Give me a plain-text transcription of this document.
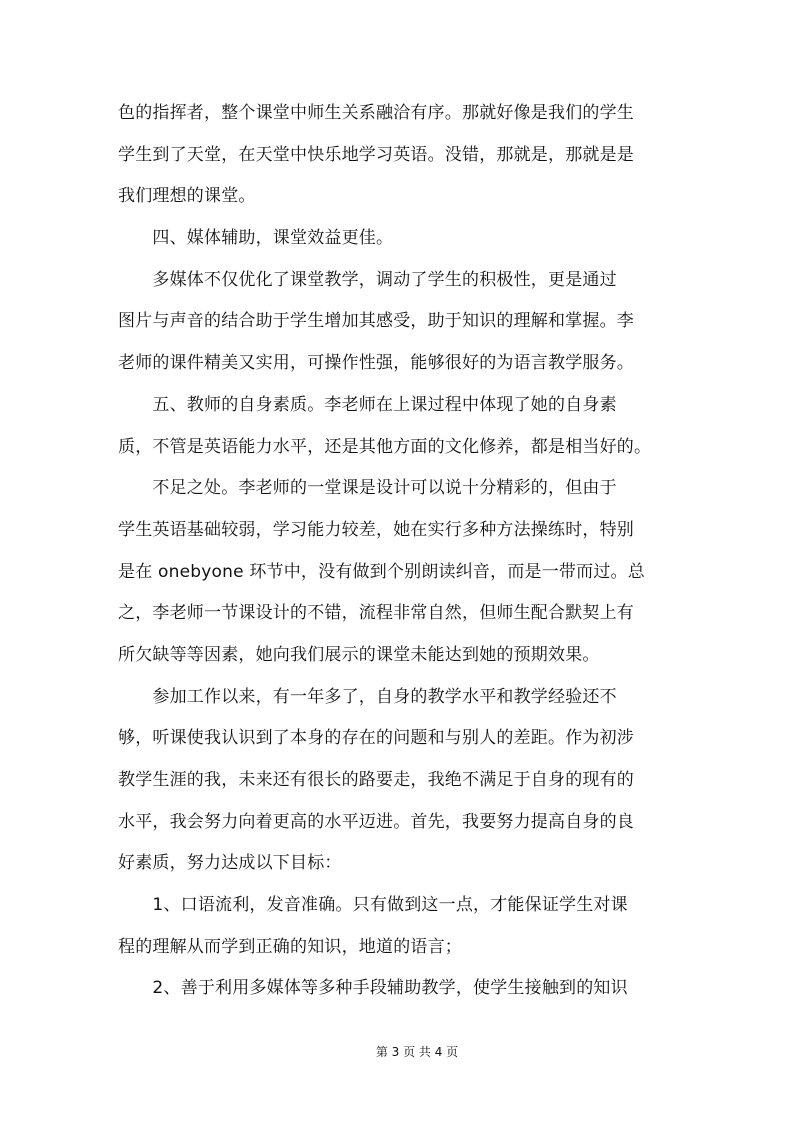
色的指挥者，整个课堂中师生关系融洽有序。那就好像是我们的学生
学生到了天堂，在天堂中快乐地学习英语。没错，那就是，那就是是
我们理想的课堂。
　　四、媒体辅助，课堂效益更佳。
　　多媒体不仅优化了课堂教学，调动了学生的积极性，更是通过
图片与声音的结合助于学生增加其感受，助于知识的理解和掌握。李
老师的课件精美又实用，可操作性强，能够很好的为语言教学服务。
　　五、教师的自身素质。李老师在上课过程中体现了她的自身素
质，不管是英语能力水平，还是其他方面的文化修养，都是相当好的。
　　不足之处。李老师的一堂课是设计可以说十分精彩的，但由于
学生英语基础较弱，学习能力较差，她在实行多种方法操练时，特别
是在 onebyone 环节中，没有做到个别朗读纠音，而是一带而过。总
之，李老师一节课设计的不错，流程非常自然，但师生配合默契上有
所欠缺等等因素，她向我们展示的课堂未能达到她的预期效果。
　　参加工作以来，有一年多了，自身的教学水平和教学经验还不
够，听课使我认识到了本身的存在的问题和与别人的差距。作为初涉
教学生涯的我，未来还有很长的路要走，我绝不满足于自身的现有的
水平，我会努力向着更高的水平迈进。首先，我要努力提高自身的良
好素质，努力达成以下目标：
　　1、口语流利，发音准确。只有做到这一点，才能保证学生对课
程的理解从而学到正确的知识，地道的语言；
　　2、善于利用多媒体等多种手段辅助教学，使学生接触到的知识
第 3 页 共 4 页
